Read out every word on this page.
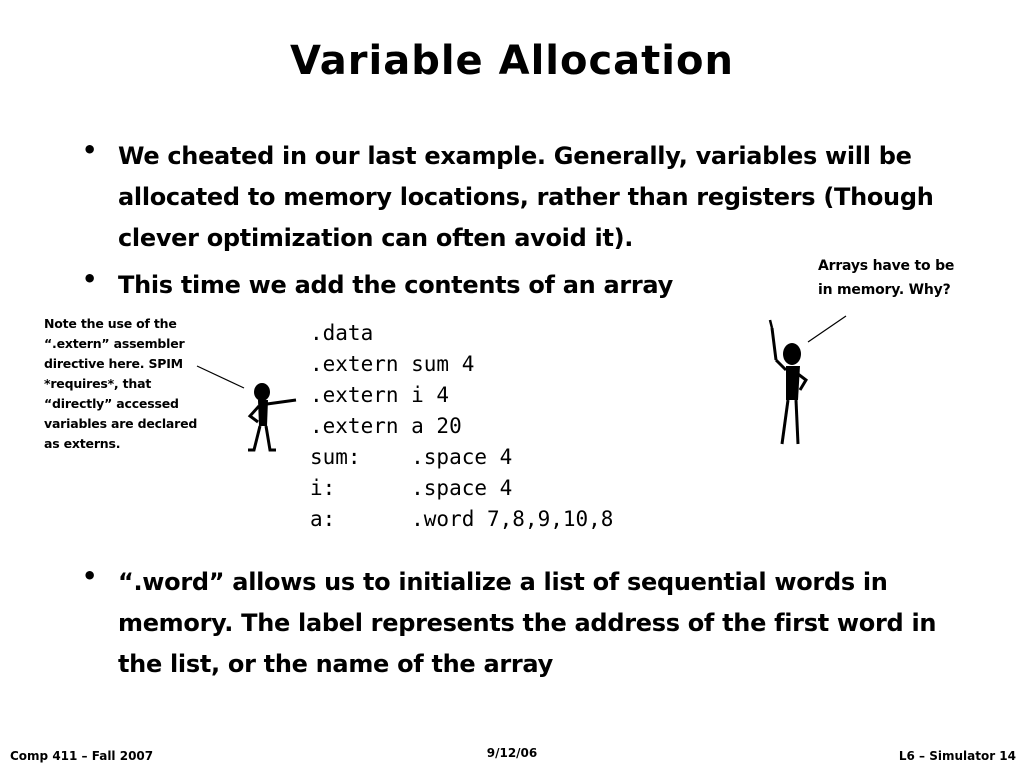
Variable Allocation
• We cheated in our last example. Generally, variables will be allocated to memory locations, rather than registers (Though clever optimization can often avoid it).
• This time we add the contents of an array
.data
.extern sum 4
.extern i 4
.extern a 20
sum:    .space 4
i:      .space 4
a:      .word 7,8,9,10,8
Note the use of the “.extern” assembler directive here. SPIM *requires*, that “directly” accessed variables are declared as externs.
Arrays have to be in memory. Why?
• “.word” allows us to initialize a list of sequential words in memory. The label represents the address of the first word in the list, or the name of the array
Comp 411 – Fall 2007	9/12/06	L6 – Simulator 14
